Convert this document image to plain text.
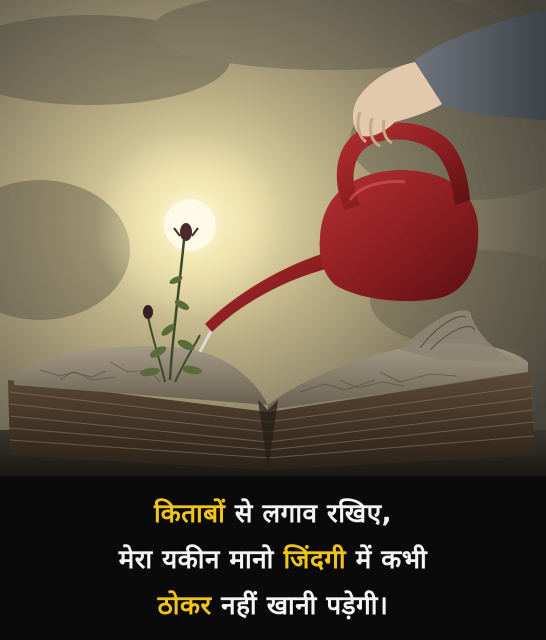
किताबों से लगाव रखिए,
मेरा यकीन मानो जिंदगी में कभी
ठोकर नहीं खानी पड़ेगी।
